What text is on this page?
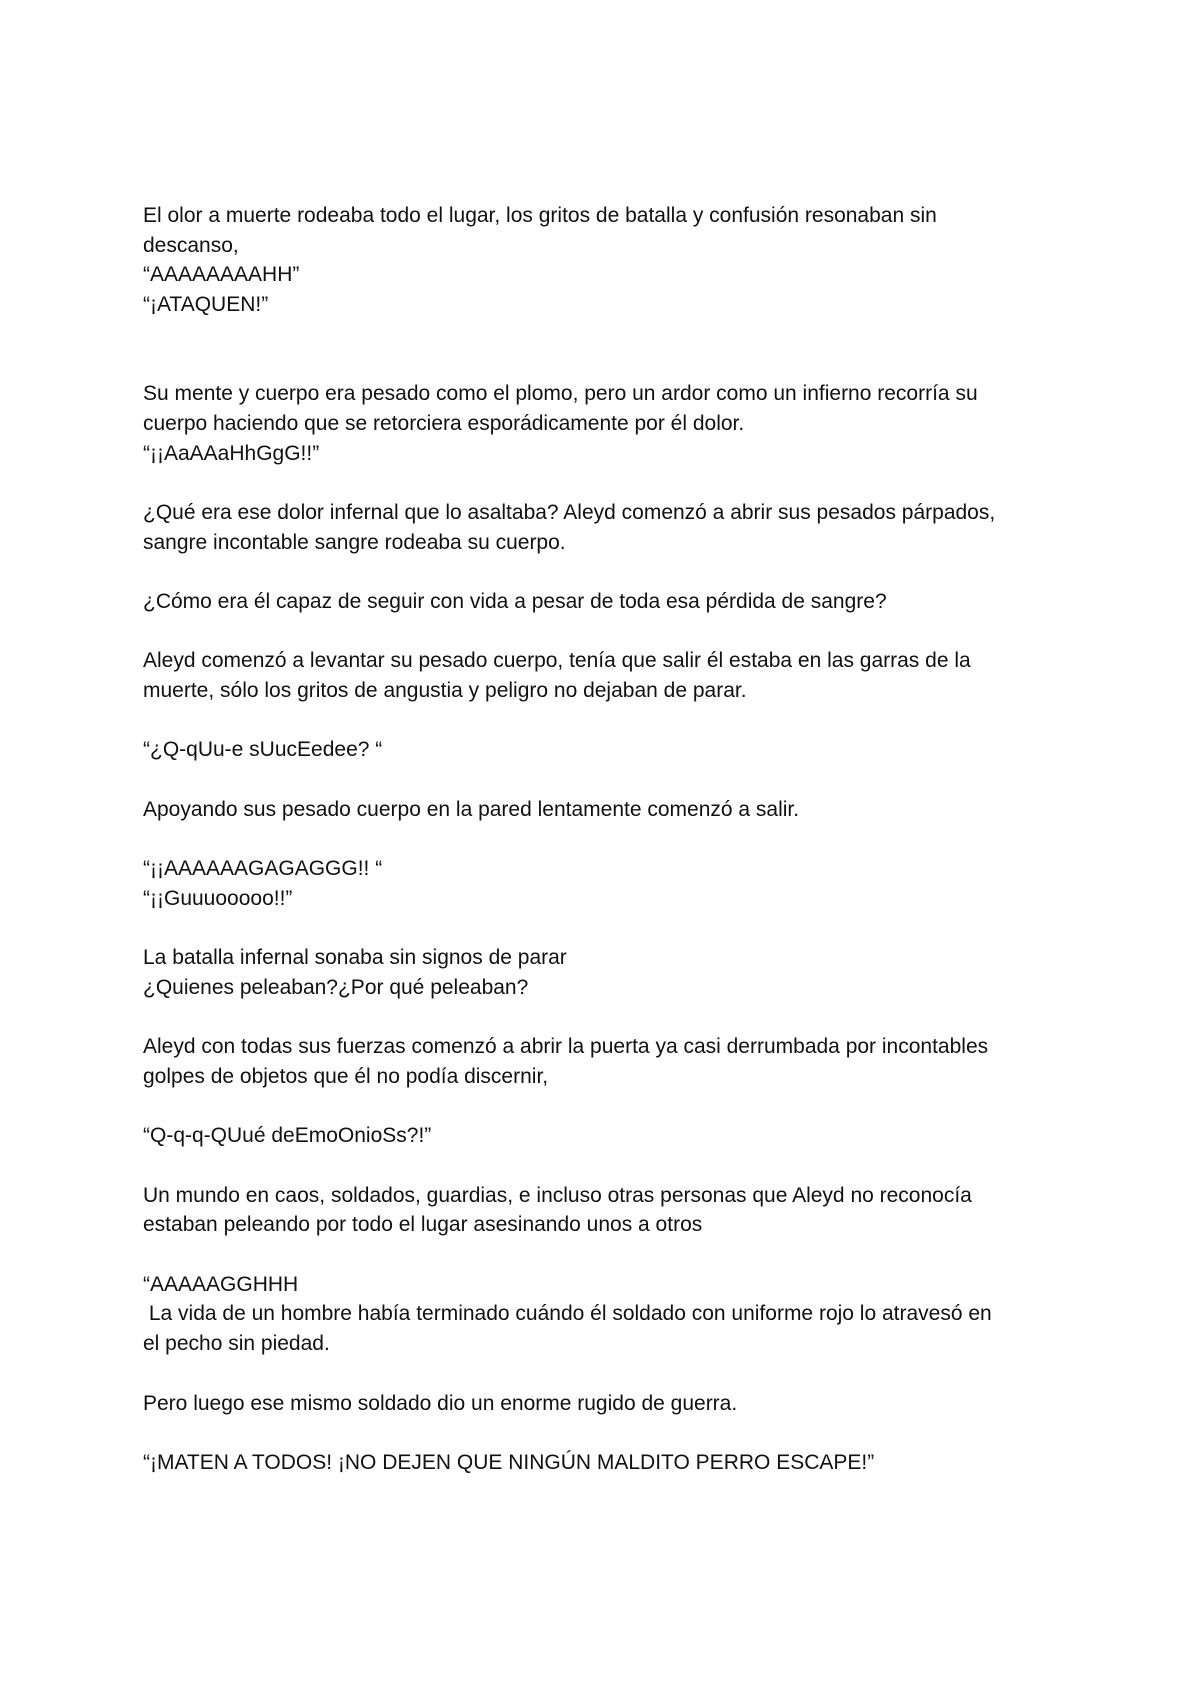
El olor a muerte rodeaba todo el lugar, los gritos de batalla y confusión resonaban sin
descanso,
“AAAAAAAAHH”
“¡ATAQUEN!”
Su mente y cuerpo era pesado como el plomo, pero un ardor como un infierno recorría su
cuerpo haciendo que se retorciera esporádicamente por él dolor.
“¡¡AaAAaHhGgG!!”
¿Qué era ese dolor infernal que lo asaltaba? Aleyd comenzó a abrir sus pesados párpados,
sangre incontable sangre rodeaba su cuerpo.
¿Cómo era él capaz de seguir con vida a pesar de toda esa pérdida de sangre?
Aleyd comenzó a levantar su pesado cuerpo, tenía que salir él estaba en las garras de la
muerte, sólo los gritos de angustia y peligro no dejaban de parar.
“¿Q-qUu-e sUucEedee? “
Apoyando sus pesado cuerpo en la pared lentamente comenzó a salir.
“¡¡AAAAAAGAGAGGG!! “
“¡¡Guuuooooo!!”
La batalla infernal sonaba sin signos de parar
¿Quienes peleaban?¿Por qué peleaban?
Aleyd con todas sus fuerzas comenzó a abrir la puerta ya casi derrumbada por incontables
golpes de objetos que él no podía discernir,
“Q-q-q-QUué deEmoOnioSs?!”
Un mundo en caos, soldados, guardias, e incluso otras personas que Aleyd no reconocía
estaban peleando por todo el lugar asesinando unos a otros
“AAAAAGGHHH
La vida de un hombre había terminado cuándo él soldado con uniforme rojo lo atravesó en
el pecho sin piedad.
Pero luego ese mismo soldado dio un enorme rugido de guerra.
“¡MATEN A TODOS! ¡NO DEJEN QUE NINGÚN MALDITO PERRO ESCAPE!”
